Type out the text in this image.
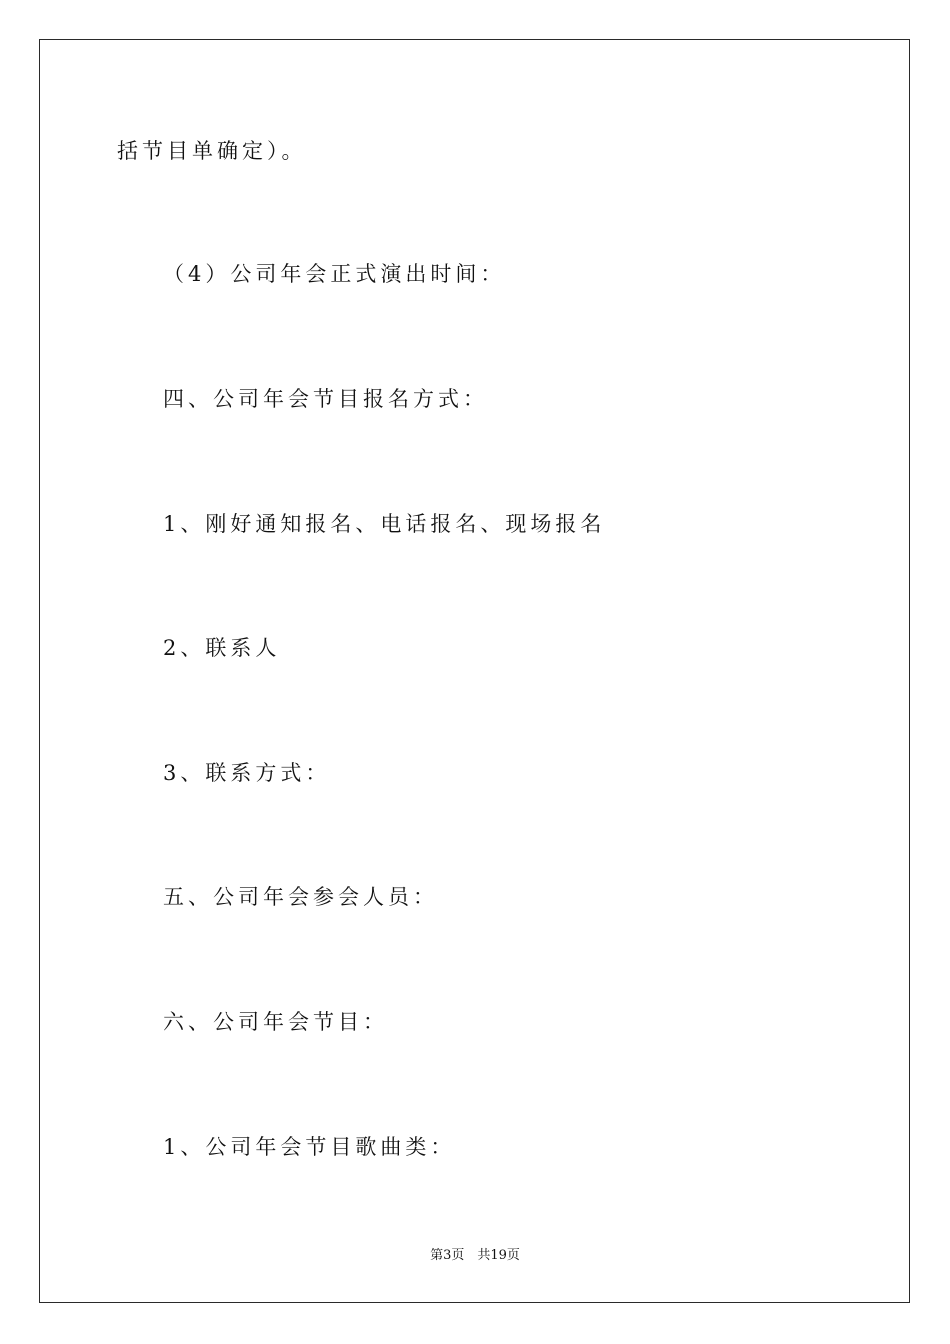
括节目单确定）。
（4）公司年会正式演出时间：
四、公司年会节目报名方式：
1、刚好通知报名、电话报名、现场报名
2、联系人
3、联系方式：
五、公司年会参会人员：
六、公司年会节目：
1、公司年会节目歌曲类：
第3页　共19页
